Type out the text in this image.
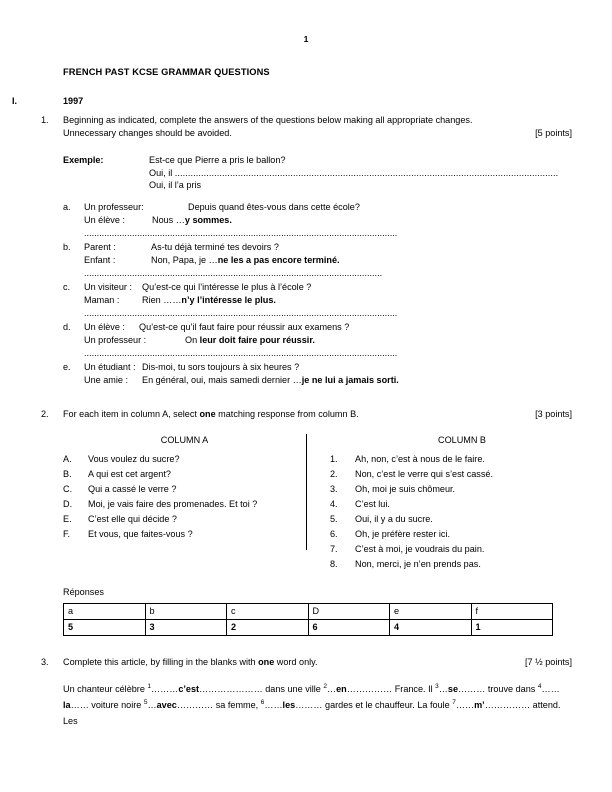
1
FRENCH PAST KCSE GRAMMAR QUESTIONS
I.	1997
1.	Beginning as indicated, complete the answers of the questions below making all appropriate changes.
Unnecessary changes should be avoided.	[5 points]
Exemple:	Est-ce que Pierre a pris le ballon?
Oui, il ..................................................................................................................................................
Oui, il l’a pris
a.	Un professeur:	Depuis quand êtes-vous dans cette école?
Un élève :	Nous …y sommes.
............................................................................................................................
b.	Parent :	As-tu déjà terminé tes devoirs ?
Enfant :	Non, Papa, je …ne les a pas encore terminé.
......................................................................................................................
c.	Un visiteur :	Qu’est-ce qui l’intéresse le plus à l’école ?
Maman :	Rien ……n’y l’intéresse le plus.
............................................................................................................................
d.	Un élève :	Qu’est-ce qu’il faut faire pour réussir aux examens ?
Un professeur :	On leur doit faire pour réussir.
............................................................................................................................
e.	Un étudiant : Dis-moi, tu sors toujours à six heures ?
Une amie :	En général, oui, mais samedi dernier …je ne lui a jamais sorti.
2.	For each item in column A, select one matching response from column B.	[3 points]
COLUMN A	COLUMN B
A.	Vous voulez du sucre?
B.	A qui est cet argent?
C.	Qui a cassé le verre ?
D.	Moi, je vais faire des promenades. Et toi ?
E.	C’est elle qui décide ?
F.	Et vous, que faites-vous ?
1.	Ah, non, c’est à nous de le faire.
2.	Non, c’est le verre qui s’est cassé.
3.	Oh, moi je suis chômeur.
4.	C’est lui.
5.	Oui, il y a du sucre.
6.	Oh, je préfère rester ici.
7.	C’est à moi, je voudrais du pain.
8.	Non, merci, je n’en prends pas.
Réponses
a	b	c	D	e	f
5	3	2	6	4	1
3.	Complete this article, by filling in the blanks with one word only.	[7 ½ points]
Un chanteur célèbre $^1$………c’est………………… dans une ville $^2$…en…………… France. Il $^3$…se……… trouve dans $^4$……la…… voiture noire $^5$…avec………… sa femme, $^6$……les……… gardes et le chauffeur. La foule $^7$……m’…………… attend. Les
